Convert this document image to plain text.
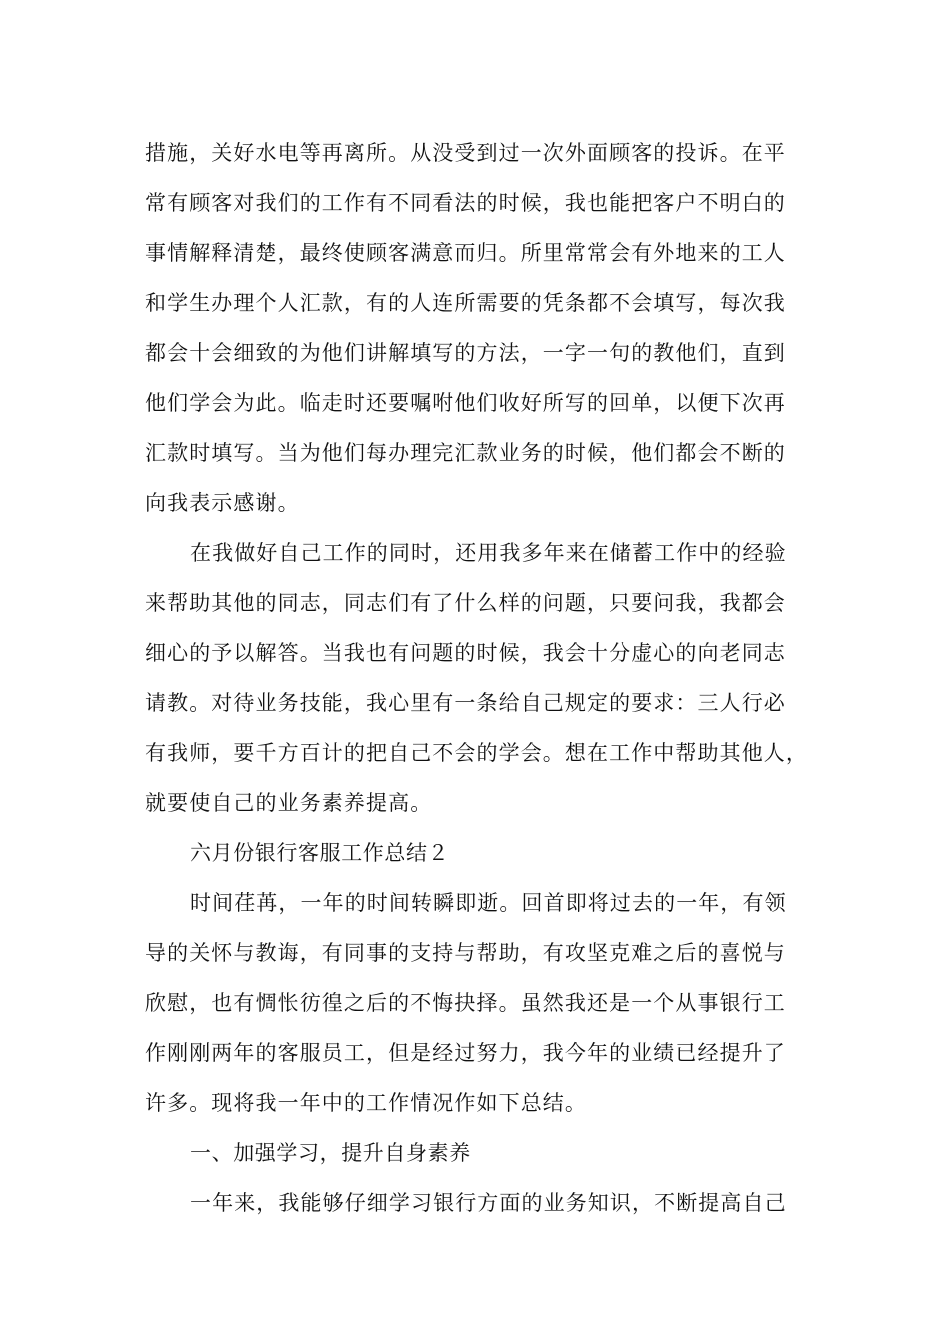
措施，关好水电等再离所。从没受到过一次外面顾客的投诉。在平
常有顾客对我们的工作有不同看法的时候，我也能把客户不明白的
事情解释清楚，最终使顾客满意而归。所里常常会有外地来的工人
和学生办理个人汇款，有的人连所需要的凭条都不会填写，每次我
都会十会细致的为他们讲解填写的方法，一字一句的教他们，直到
他们学会为此。临走时还要嘱咐他们收好所写的回单，以便下次再
汇款时填写。当为他们每办理完汇款业务的时候，他们都会不断的
向我表示感谢。
在我做好自己工作的同时，还用我多年来在储蓄工作中的经验
来帮助其他的同志，同志们有了什么样的问题，只要问我，我都会
细心的予以解答。当我也有问题的时候，我会十分虚心的向老同志
请教。对待业务技能，我心里有一条给自己规定的要求：三人行必
有我师，要千方百计的把自己不会的学会。想在工作中帮助其他人，
就要使自己的业务素养提高。
六月份银行客服工作总结２
时间荏苒，一年的时间转瞬即逝。回首即将过去的一年，有领
导的关怀与教诲，有同事的支持与帮助，有攻坚克难之后的喜悦与
欣慰，也有惆怅彷徨之后的不悔抉择。虽然我还是一个从事银行工
作刚刚两年的客服员工，但是经过努力，我今年的业绩已经提升了
许多。现将我一年中的工作情况作如下总结。
一、加强学习，提升自身素养
一年来，我能够仔细学习银行方面的业务知识，不断提高自己
